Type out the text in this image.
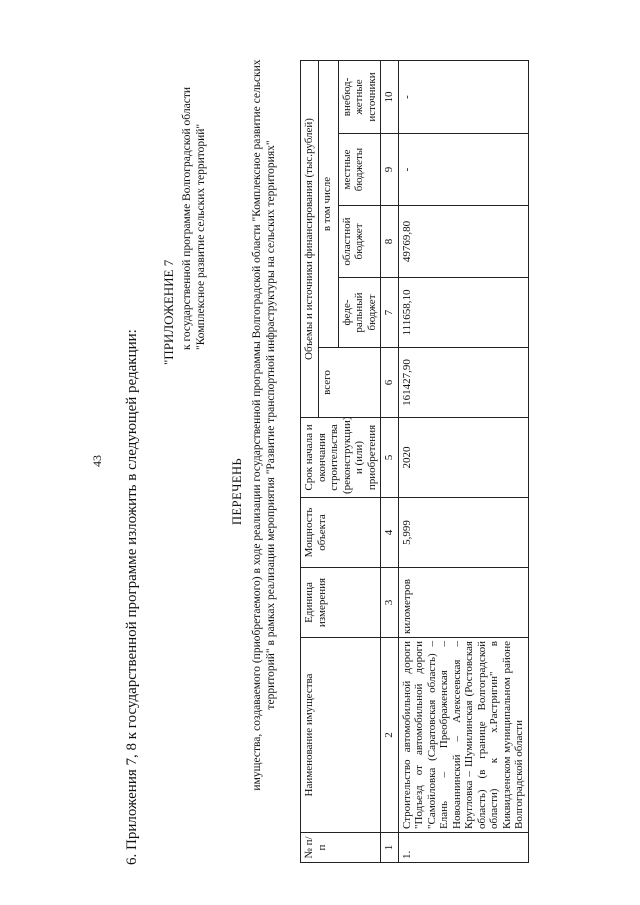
43 6. Приложения 7, 8 к государственной программе изложить в следующей редакции:
"ПРИЛОЖЕНИЕ 7 к государственной программе Волгоградской области "Комплексное развитие сельских территорий"
ПЕРЕЧЕНЬ имущества, создаваемого (приобретаемого) в ходе реализации государственной программы Волгоградской области "Комплексное развитие сельских территорий" в рамках реализации мероприятия "Развитие транспортной инфраструктуры на сельских территориях"
№ п/п	Наименование имущества	Единица измерения	Мощность объекта	Срок начала и окончания строительства (реконструкции) и (или) приобретения	Объемы и источники финансирования (тыс.рублей)				
					всего	в том числе			
						феде-ральный бюджет	областной бюджет	местные бюджеты	внебюд-жетные источники
1	2	3	4	5	6	7	8	9	10
1.	Строительство автомобильной дороги "Подъезд от автомобильной дороги "Самойловка (Саратовская область) – Елань – Преображенская – Новоаннинский – Алексеевская – Кругловка – Шумилинская (Ростовская область) (в границе Волгоградской области) к х.Растригин" в Киквидзенском муниципальном районе Волгоградской области	километров	5,999	2020	161427,90	111658,10	49769,80	-	-
